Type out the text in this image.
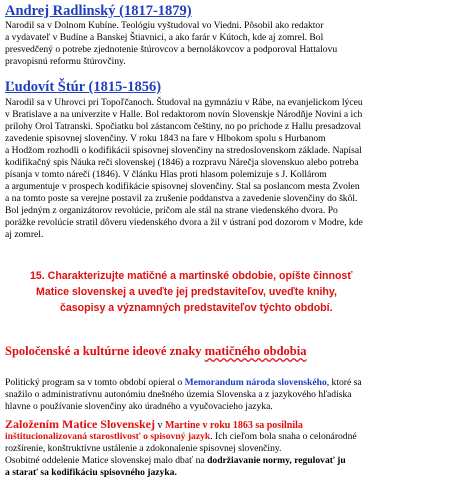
Andrej Radlinský (1817-1879)
Narodil sa v Dolnom Kubíne. Teológiu vyštudoval vo Viedni. Pôsobil ako redaktor
a vydavateľ v Budíne a Banskej Štiavnici, a ako farár v Kútoch, kde aj zomrel. Bol
presvedčený o potrebe zjednotenie štúrovcov a bernolákovcov a podporoval Hattalovu
pravopisnú reformu štúrovčiny.
Ľudovít Štúr (1815-1856)
Narodil sa v Uhrovci pri Topoľčanoch. Študoval na gymnáziu v Rábe, na evanjelickom lýceu
v Bratislave a na univerzite v Halle. Bol redaktorom novín Slovenskje Národňje Novini a ich
prílohy Orol Tatranski. Spočiatku bol zástancom češtiny, no po príchode z Hallu presadzoval
zavedenie spisovnej slovenčiny. V roku 1843 na fare v Hlbokom spolu s Hurbanom
a Hodžom rozhodli o kodifikácii spisovnej slovenčiny na stredoslovenskom základe. Napísal
kodifikačný spis Náuka reči slovenskej (1846) a rozpravu Nárečja slovenskuo alebo potreba
písanja v tomto nárečí (1846). V článku Hlas proti hlasom polemizuje s J. Kollárom
a argumentuje v prospech kodifikácie spisovnej slovenčiny. Stal sa poslancom mesta Zvolen
a na tomto poste sa verejne postavil za zrušenie poddanstva a zavedenie slovenčiny do škôl.
Bol jedným z organizátorov revolúcie, pričom ale stál na strane viedenského dvora. Po
porážke revolúcie stratil dôveru viedenského dvora a žil v ústraní pod dozorom v Modre, kde
aj zomrel.
15. Charakterizujte matičné a martinské obdobie, opíšte činnosť
Matice slovenskej a uveďte jej predstaviteľov, uveďte knihy,
časopisy a významných predstaviteľov týchto období.
Spoločenské a kultúrne ideové znaky matičného obdobia
Politický program sa v tomto období opieral o Memorandum národa slovenského, ktoré sa
snažilo o administratívnu autonómiu dnešného územia Slovenska a z jazykového hľadiska
hlavne o používanie slovenčiny ako úradného a vyučovacieho jazyka.
Založením Matice Slovenskej v Martine v roku 1863 sa posilnila
inštitucionalizovaná starostlivosť o spisovný jazyk. Ich cieľom bola snaha o celonárodné
rozšírenie, konštruktívne ustálenie a zdokonalenie spisovnej slovenčiny.
Osobitné oddelenie Matice slovenskej malo dbať na dodržiavanie normy, regulovať ju
a starať sa kodifikáciu spisovného jazyka.
